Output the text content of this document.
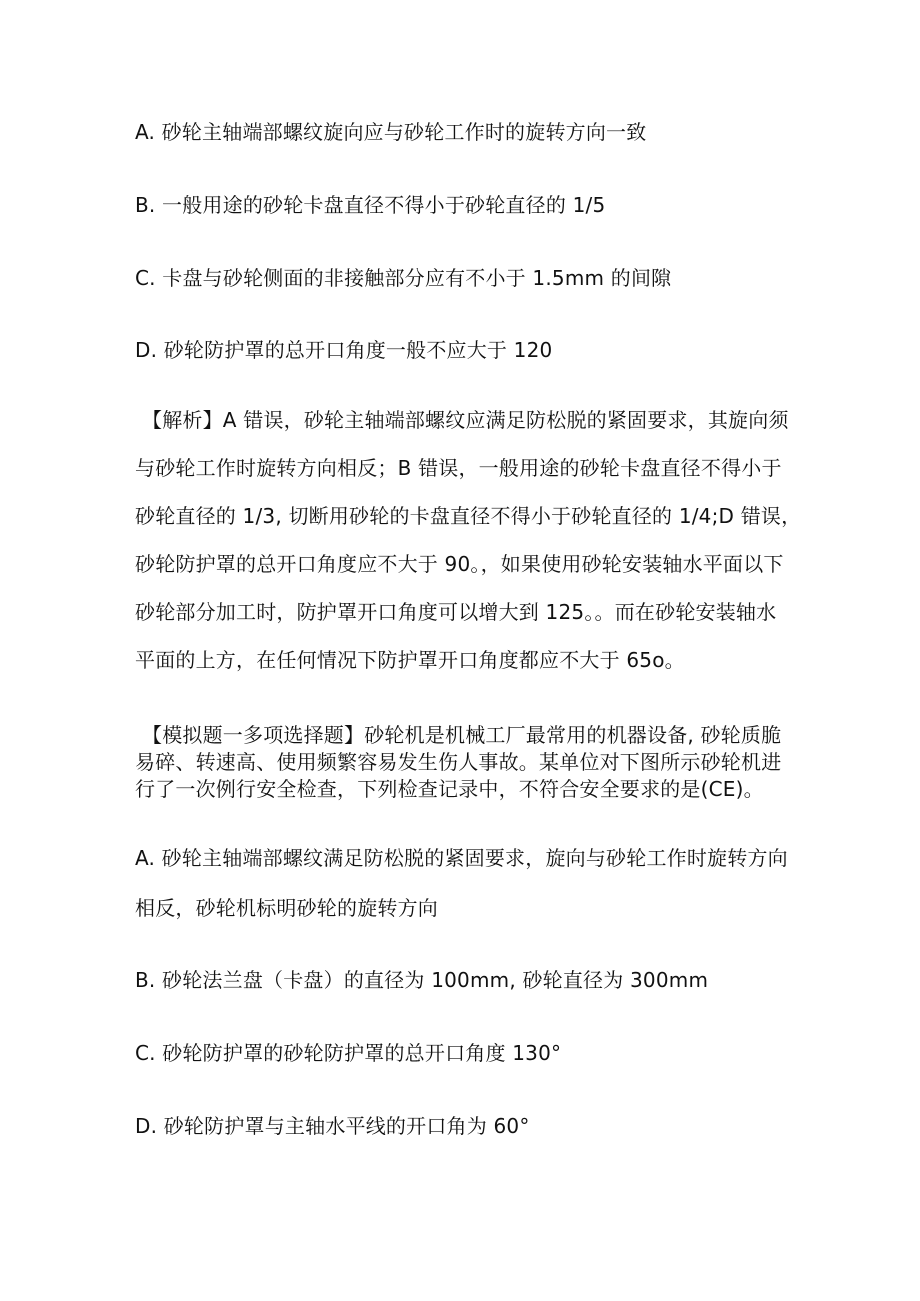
A. 砂轮主轴端部螺纹旋向应与砂轮工作时的旋转方向一致
B. 一般用途的砂轮卡盘直径不得小于砂轮直径的 1/5
C. 卡盘与砂轮侧面的非接触部分应有不小于 1.5mm 的间隙
D. 砂轮防护罩的总开口角度一般不应大于 120
【解析】A 错误，砂轮主轴端部螺纹应满足防松脱的紧固要求，其旋向须
与砂轮工作时旋转方向相反；B 错误，一般用途的砂轮卡盘直径不得小于
砂轮直径的 1/3, 切断用砂轮的卡盘直径不得小于砂轮直径的 1/4;D 错误，
砂轮防护罩的总开口角度应不大于 90。，如果使用砂轮安装轴水平面以下
砂轮部分加工时，防护罩开口角度可以增大到 125。。而在砂轮安装轴水
平面的上方，在任何情况下防护罩开口角度都应不大于 65o。
【模拟题一多项选择题】砂轮机是机械工厂最常用的机器设备, 砂轮质脆
易碎、转速高、使用频繁容易发生伤人事故。某单位对下图所示砂轮机进
行了一次例行安全检查，下列检查记录中，不符合安全要求的是(CE)。
A. 砂轮主轴端部螺纹满足防松脱的紧固要求，旋向与砂轮工作时旋转方向
相反，砂轮机标明砂轮的旋转方向
B. 砂轮法兰盘（卡盘）的直径为 100mm, 砂轮直径为 300mm
C. 砂轮防护罩的砂轮防护罩的总开口角度 130°
D. 砂轮防护罩与主轴水平线的开口角为 60°
